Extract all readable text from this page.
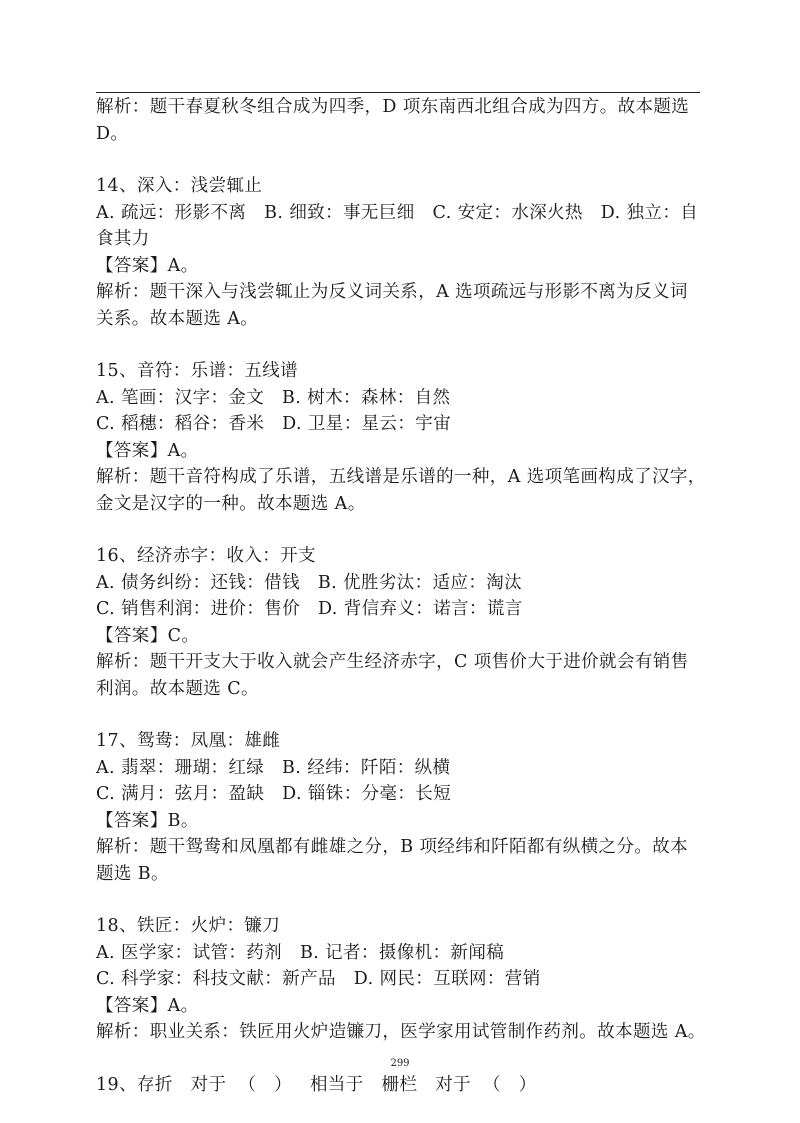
解析：题干春夏秋冬组合成为四季，D 项东南西北组合成为四方。故本题选
D。
14、深入：浅尝辄止
A. 疏远：形影不离   B. 细致：事无巨细   C. 安定：水深火热   D. 独立：自
食其力
【答案】A。
解析：题干深入与浅尝辄止为反义词关系，A 选项疏远与形影不离为反义词
关系。故本题选 A。
15、音符：乐谱：五线谱
A. 笔画：汉字：金文   B. 树木：森林：自然
C. 稻穗：稻谷：香米   D. 卫星：星云：宇宙
【答案】A。
解析：题干音符构成了乐谱，五线谱是乐谱的一种，A 选项笔画构成了汉字，
金文是汉字的一种。故本题选 A。
16、经济赤字：收入：开支
A. 债务纠纷：还钱：借钱   B. 优胜劣汰：适应：淘汰
C. 销售利润：进价：售价   D. 背信弃义：诺言：谎言
【答案】C。
解析：题干开支大于收入就会产生经济赤字，C 项售价大于进价就会有销售
利润。故本题选 C。
17、鸳鸯：凤凰：雄雌
A. 翡翠：珊瑚：红绿   B. 经纬：阡陌：纵横
C. 满月：弦月：盈缺   D. 锱铢：分毫：长短
【答案】B。
解析：题干鸳鸯和凤凰都有雌雄之分，B 项经纬和阡陌都有纵横之分。故本
题选 B。
18、铁匠：火炉：镰刀
A. 医学家：试管：药剂   B. 记者：摄像机：新闻稿
C. 科学家：科技文献：新产品   D. 网民：互联网：营销
【答案】A。
解析：职业关系：铁匠用火炉造镰刀，医学家用试管制作药剂。故本题选 A。
19、存折   对于  （   ）   相当于   栅栏   对于  （   ）
299
